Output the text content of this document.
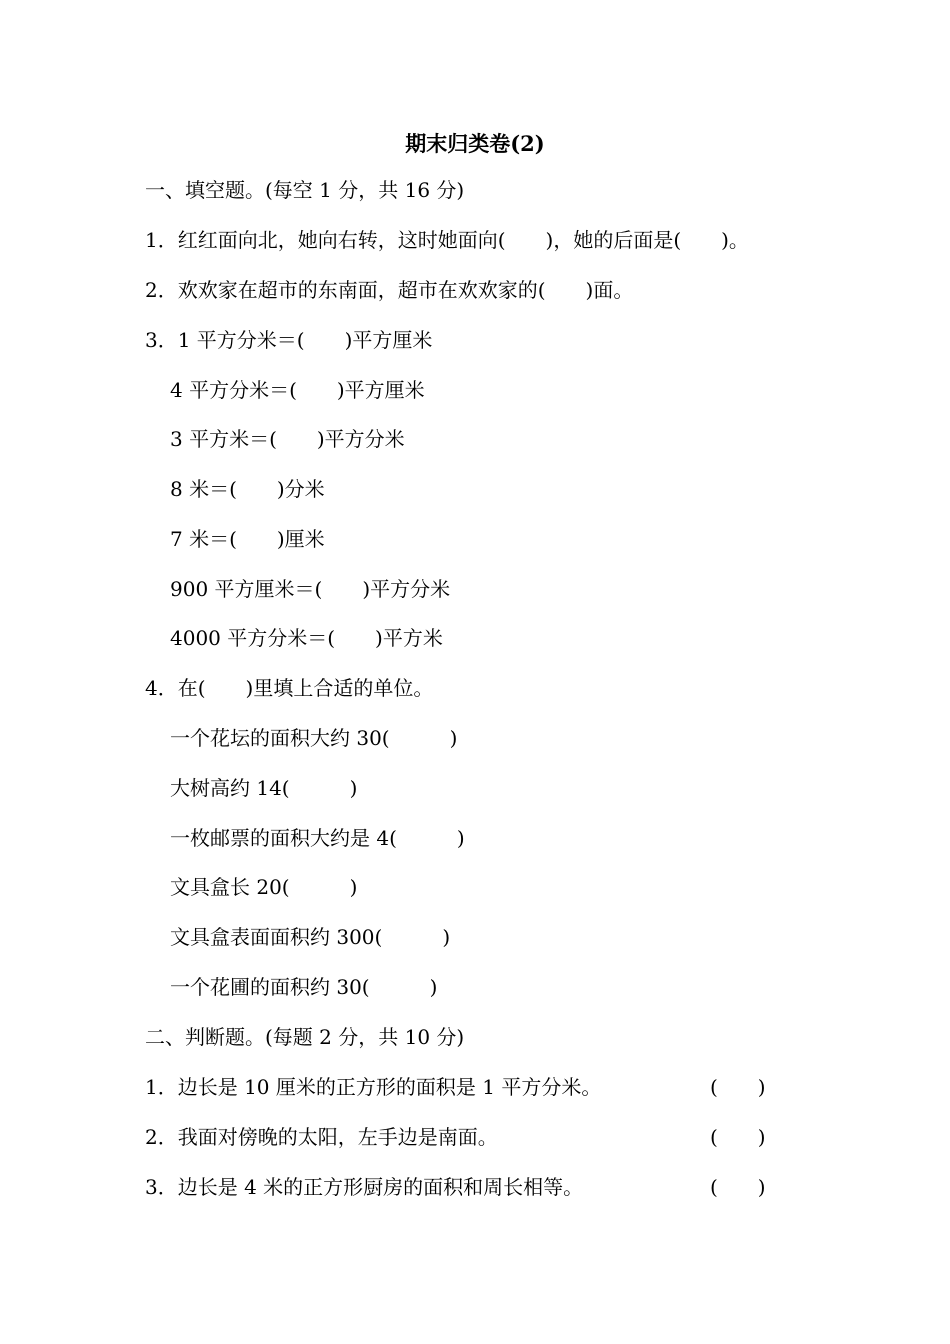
期末归类卷(2)
一、填空题。(每空 1 分，共 16 分)
1．红红面向北，她向右转，这时她面向(　　)，她的后面是(　　)。
2．欢欢家在超市的东南面，超市在欢欢家的(　　)面。
3．1 平方分米＝(　　)平方厘米
4 平方分米＝(　　)平方厘米
3 平方米＝(　　)平方分米
8 米＝(　　)分米
7 米＝(　　)厘米
900 平方厘米＝(　　)平方分米
4000 平方分米＝(　　)平方米
4．在(　　)里填上合适的单位。
一个花坛的面积大约 30(　　　)
大树高约 14(　　　)
一枚邮票的面积大约是 4(　　　)
文具盒长 20(　　　)
文具盒表面面积约 300(　　　)
一个花圃的面积约 30(　　　)
二、判断题。(每题 2 分，共 10 分)
1．边长是 10 厘米的正方形的面积是 1 平方分米。	(　　)
2．我面对傍晚的太阳，左手边是南面。	(　　)
3．边长是 4 米的正方形厨房的面积和周长相等。	(　　)
